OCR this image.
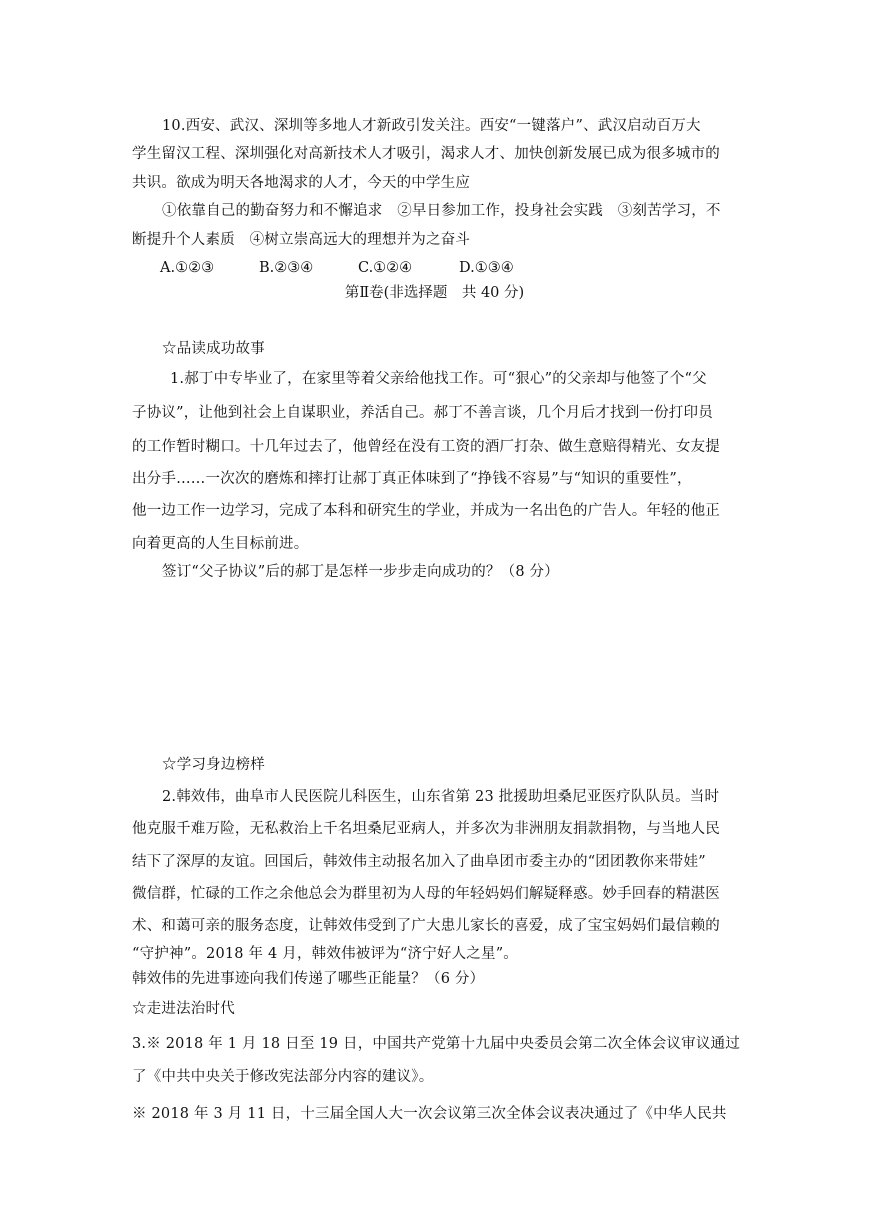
10.西安、武汉、深圳等多地人才新政引发关注。西安“一键落户”、武汉启动百万大
学生留汉工程、深圳强化对高新技术人才吸引，渴求人才、加快创新发展已成为很多城市的
共识。欲成为明天各地渴求的人才，今天的中学生应
①依靠自己的勤奋努力和不懈追求　②早日参加工作，投身社会实践　③刻苦学习，不
断提升个人素质　④树立崇高远大的理想并为之奋斗
A.①②③	B.②③④	C.①②④	D.①③④
第Ⅱ卷(非选择题　共 40 分)
☆品读成功故事
1.郝丁中专毕业了，在家里等着父亲给他找工作。可“狠心”的父亲却与他签了个“父
子协议”，让他到社会上自谋职业，养活自己。郝丁不善言谈，几个月后才找到一份打印员
的工作暂时糊口。十几年过去了，他曾经在没有工资的酒厂打杂、做生意赔得精光、女友提
出分手……一次次的磨炼和摔打让郝丁真正体味到了“挣钱不容易”与“知识的重要性”，
他一边工作一边学习，完成了本科和研究生的学业，并成为一名出色的广告人。年轻的他正
向着更高的人生目标前进。
签订“父子协议”后的郝丁是怎样一步步走向成功的？（8 分）
☆学习身边榜样
2.韩效伟，曲阜市人民医院儿科医生，山东省第 23 批援助坦桑尼亚医疗队队员。当时
他克服千难万险，无私救治上千名坦桑尼亚病人，并多次为非洲朋友捐款捐物，与当地人民
结下了深厚的友谊。回国后，韩效伟主动报名加入了曲阜团市委主办的“团团教你来带娃”
微信群，忙碌的工作之余他总会为群里初为人母的年轻妈妈们解疑释惑。妙手回春的精湛医
术、和蔼可亲的服务态度，让韩效伟受到了广大患儿家长的喜爱，成了宝宝妈妈们最信赖的
“守护神”。2018 年 4 月，韩效伟被评为“济宁好人之星”。
韩效伟的先进事迹向我们传递了哪些正能量？（6 分）
☆走进法治时代
3.※ 2018 年 1 月 18 日至 19 日，中国共产党第十九届中央委员会第二次全体会议审议通过
了《中共中央关于修改宪法部分内容的建议》。
※ 2018 年 3 月 11 日，十三届全国人大一次会议第三次全体会议表决通过了《中华人民共
